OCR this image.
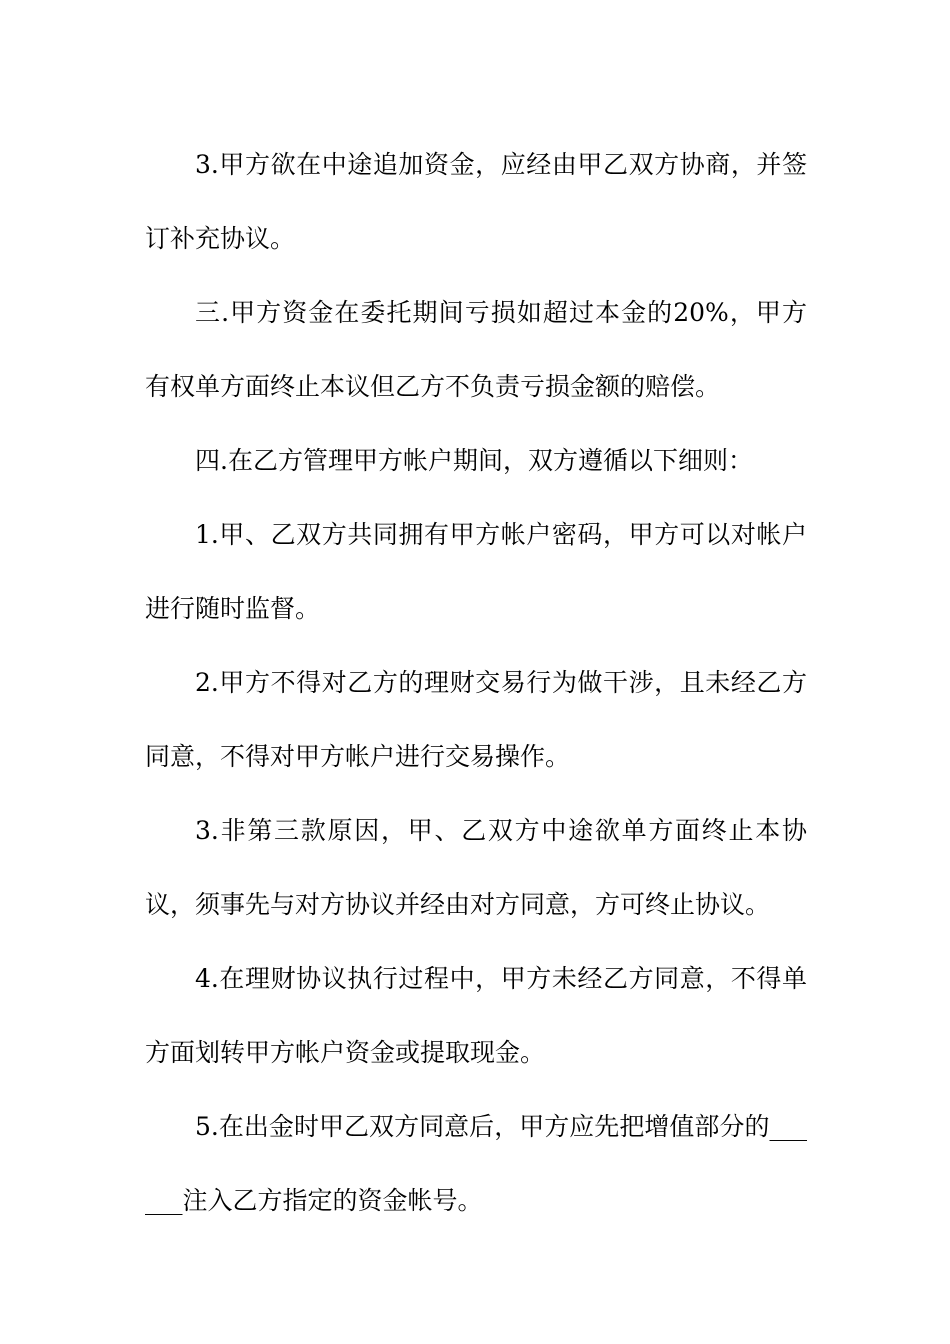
3.甲方欲在中途追加资金，应经由甲乙双方协商，并签订补充协议。

三.甲方资金在委托期间亏损如超过本金的20%，甲方有权单方面终止本议但乙方不负责亏损金额的赔偿。

四.在乙方管理甲方帐户期间，双方遵循以下细则：

1.甲、乙双方共同拥有甲方帐户密码，甲方可以对帐户进行随时监督。

2.甲方不得对乙方的理财交易行为做干涉，且未经乙方同意，不得对甲方帐户进行交易操作。

3.非第三款原因，甲、乙双方中途欲单方面终止本协议，须事先与对方协议并经由对方同意，方可终止协议。

4.在理财协议执行过程中，甲方未经乙方同意，不得单方面划转甲方帐户资金或提取现金。

5.在出金时甲乙双方同意后，甲方应先把增值部分的______注入乙方指定的资金帐号。
